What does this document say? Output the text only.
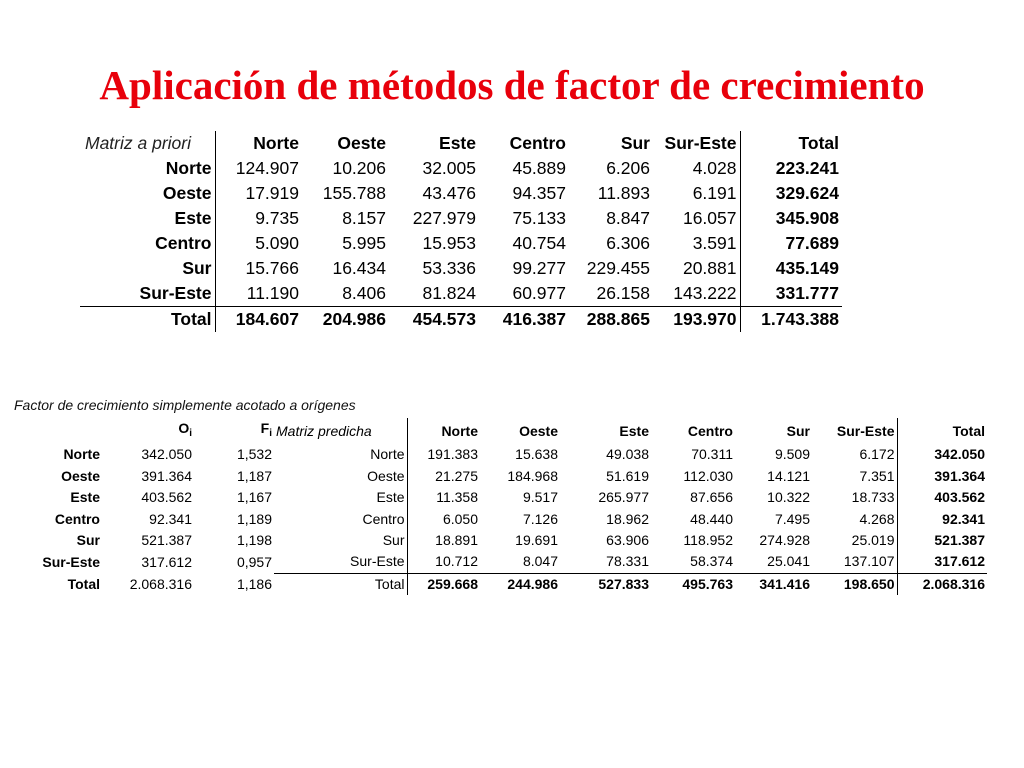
Aplicación de métodos de factor de crecimiento
Matriz a priori	Norte	Oeste	Este	Centro	Sur	Sur-Este	Total
Norte	124.907	10.206	32.005	45.889	6.206	4.028	223.241
Oeste	17.919	155.788	43.476	94.357	11.893	6.191	329.624
Este	9.735	8.157	227.979	75.133	8.847	16.057	345.908
Centro	5.090	5.995	15.953	40.754	6.306	3.591	77.689
Sur	15.766	16.434	53.336	99.277	229.455	20.881	435.149
Sur-Este	11.190	8.406	81.824	60.977	26.158	143.222	331.777
Total	184.607	204.986	454.573	416.387	288.865	193.970	1.743.388
Factor de crecimiento simplemente acotado a orígenes
	$O_i$	$F_i$	Matriz predicha	Norte	Oeste	Este	Centro	Sur	Sur-Este	Total
Norte	342.050	1,532	Norte	191.383	15.638	49.038	70.311	9.509	6.172	342.050
Oeste	391.364	1,187	Oeste	21.275	184.968	51.619	112.030	14.121	7.351	391.364
Este	403.562	1,167	Este	11.358	9.517	265.977	87.656	10.322	18.733	403.562
Centro	92.341	1,189	Centro	6.050	7.126	18.962	48.440	7.495	4.268	92.341
Sur	521.387	1,198	Sur	18.891	19.691	63.906	118.952	274.928	25.019	521.387
Sur-Este	317.612	0,957	Sur-Este	10.712	8.047	78.331	58.374	25.041	137.107	317.612
Total	2.068.316	1,186	Total	259.668	244.986	527.833	495.763	341.416	198.650	2.068.316
